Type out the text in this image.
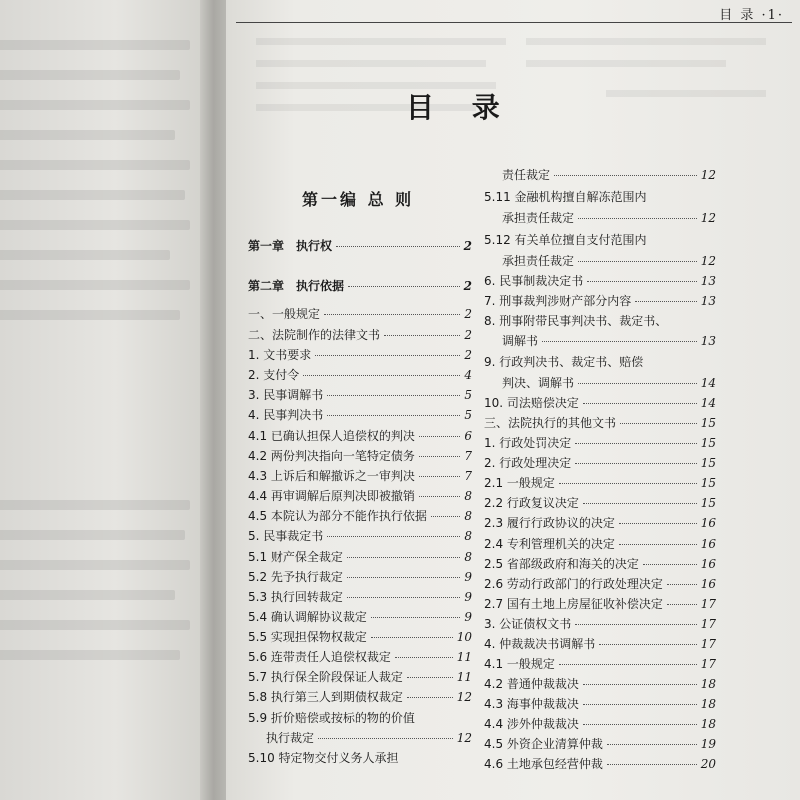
目 录 ·1·
目 录
第一编 总 则
第一章　执行权	2
第二章　执行依据	2
一、一般规定	2
二、法院制作的法律文书	2
1. 文书要求	2
2. 支付令	4
3. 民事调解书	5
4. 民事判决书	5
4.1 已确认担保人追偿权的判决	6
4.2 两份判决指向一笔特定债务	7
4.3 上诉后和解撤诉之一审判决	7
4.4 再审调解后原判决即被撤销	8
4.5 本院认为部分不能作执行依据	8
5. 民事裁定书	8
5.1 财产保全裁定	8
5.2 先予执行裁定	9
5.3 执行回转裁定	9
5.4 确认调解协议裁定	9
5.5 实现担保物权裁定	10
5.6 连带责任人追偿权裁定	11
5.7 执行保全阶段保证人裁定	11
5.8 执行第三人到期债权裁定	12
5.9 折价赔偿或按标的物的价值
执行裁定	12
5.10 特定物交付义务人承担
责任裁定	12
5.11 金融机构擅自解冻范围内
承担责任裁定	12
5.12 有关单位擅自支付范围内
承担责任裁定	12
6. 民事制裁决定书	13
7. 刑事裁判涉财产部分内容	13
8. 刑事附带民事判决书、裁定书、
调解书	13
9. 行政判决书、裁定书、赔偿
判决、调解书	14
10. 司法赔偿决定	14
三、法院执行的其他文书	15
1. 行政处罚决定	15
2. 行政处理决定	15
2.1 一般规定	15
2.2 行政复议决定	15
2.3 履行行政协议的决定	16
2.4 专利管理机关的决定	16
2.5 省部级政府和海关的决定	16
2.6 劳动行政部门的行政处理决定	16
2.7 国有土地上房屋征收补偿决定	17
3. 公证债权文书	17
4. 仲裁裁决书调解书	17
4.1 一般规定	17
4.2 普通仲裁裁决	18
4.3 海事仲裁裁决	18
4.4 涉外仲裁裁决	18
4.5 外资企业清算仲裁	19
4.6 土地承包经营仲裁	20
